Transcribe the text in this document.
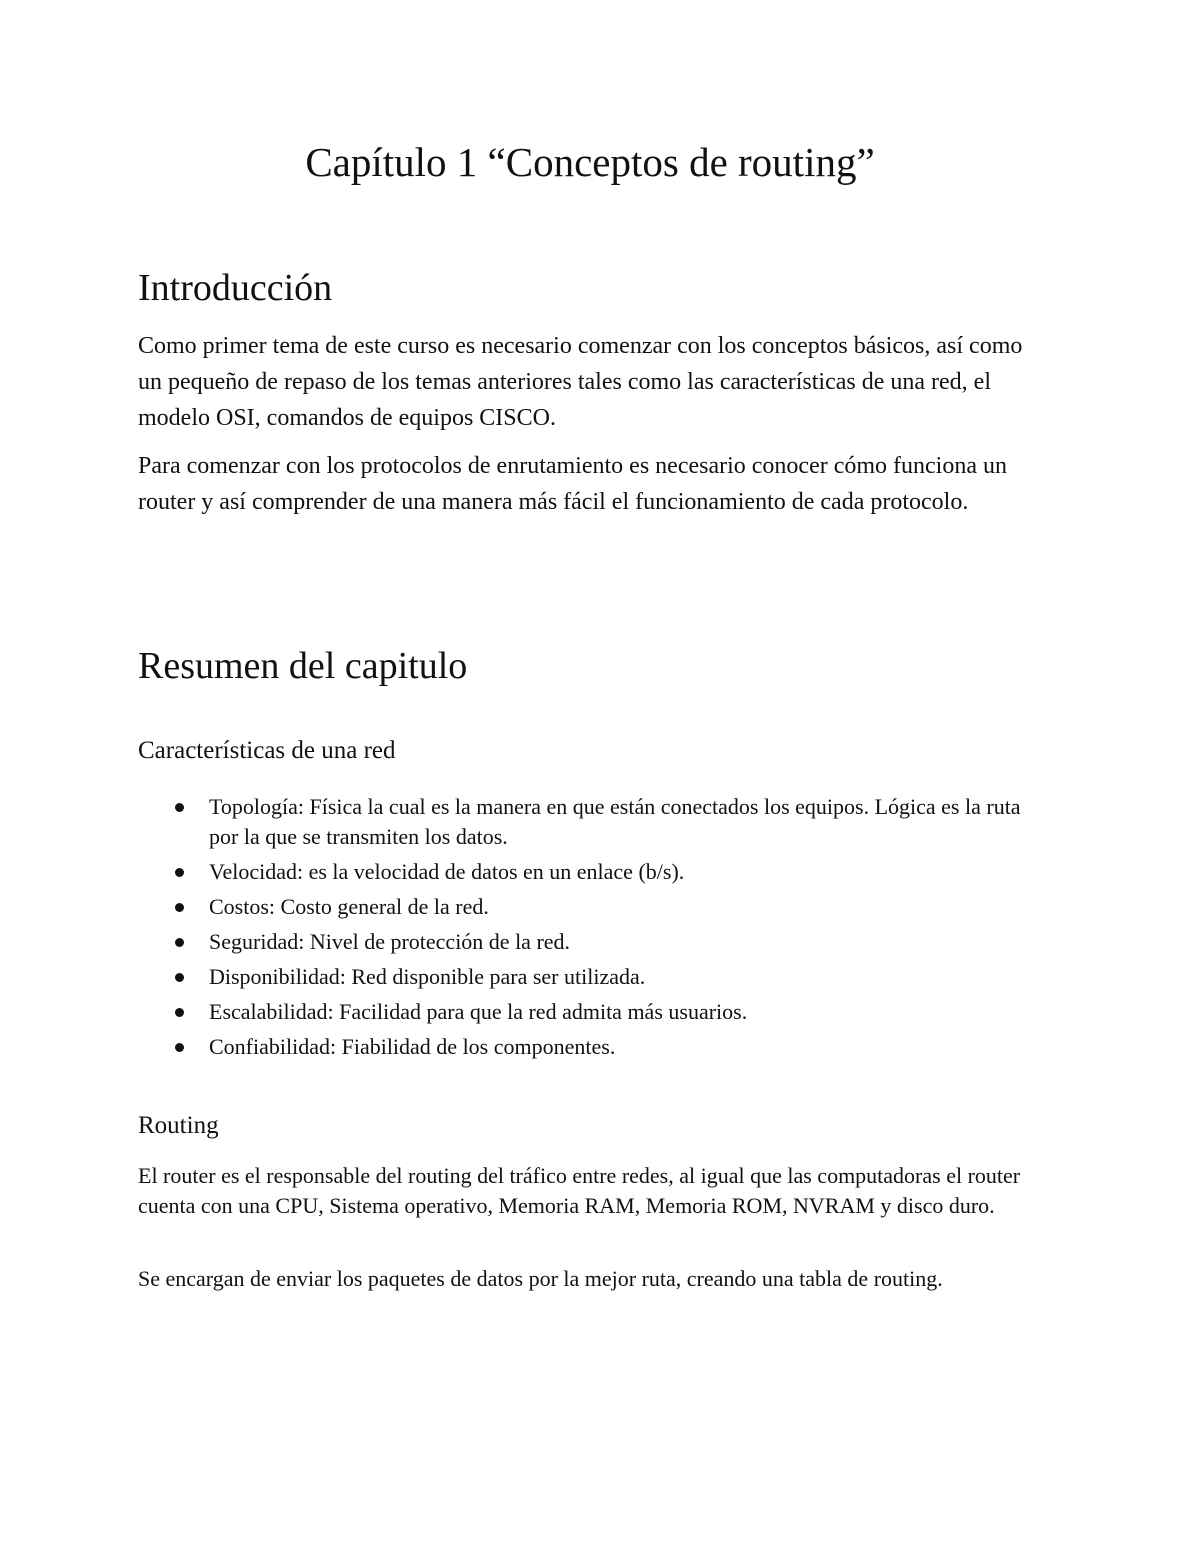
Capítulo 1 “Conceptos de routing”
Introducción

Como primer tema de este curso es necesario comenzar con los conceptos básicos, así como un pequeño de repaso de los temas anteriores tales como las características de una red, el modelo OSI, comandos de equipos CISCO.

Para comenzar con los protocolos de enrutamiento es necesario conocer cómo funciona un router y así comprender de una manera más fácil el funcionamiento de cada protocolo.

Resumen del capitulo
Características de una red
Topología: Física la cual es la manera en que están conectados los equipos. Lógica es la ruta por la que se transmiten los datos.
Velocidad: es la velocidad de datos en un enlace (b/s).
Costos: Costo general de la red.
Seguridad: Nivel de protección de la red.
Disponibilidad: Red disponible para ser utilizada.
Escalabilidad: Facilidad para que la red admita más usuarios.
Confiabilidad: Fiabilidad de los componentes.
Routing

El router es el responsable del routing del tráfico entre redes, al igual que las computadoras el router cuenta con una CPU, Sistema operativo, Memoria RAM, Memoria ROM, NVRAM y disco duro.

Se encargan de enviar los paquetes de datos por la mejor ruta, creando una tabla de routing.
